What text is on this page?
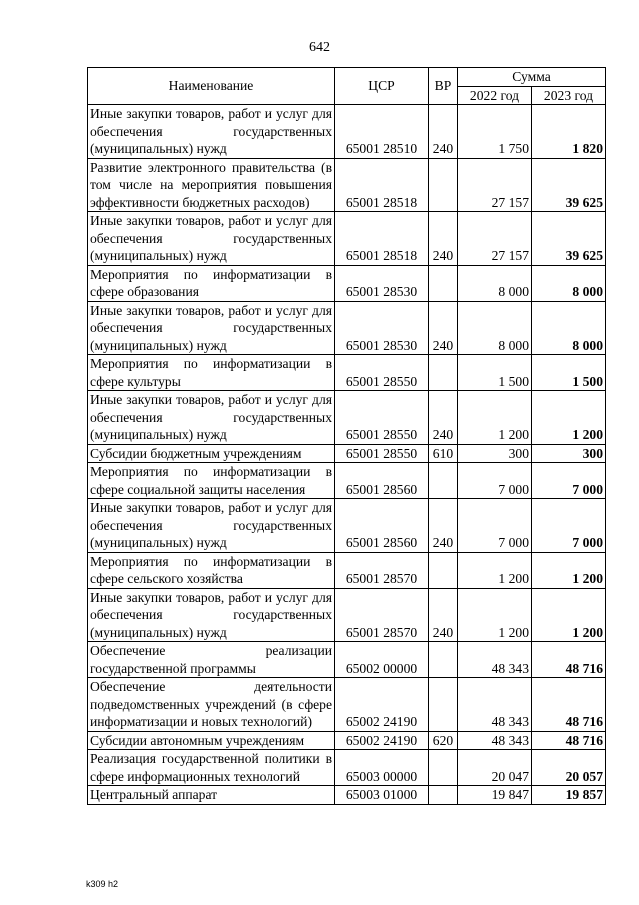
642
Наименование	ЦСР	ВР	Сумма	
			2022 год	2023 год
Иные закупки товаров, работ и услуг для обеспечения государственных (муниципальных) нужд	65001 28510	240	1 750	1 820
Развитие электронного правительства (в том числе на мероприятия повышения эффективности бюджетных расходов)	65001 28518		27 157	39 625
Иные закупки товаров, работ и услуг для обеспечения государственных (муниципальных) нужд	65001 28518	240	27 157	39 625
Мероприятия по информатизации в сфере образования	65001 28530		8 000	8 000
Иные закупки товаров, работ и услуг для обеспечения государственных (муниципальных) нужд	65001 28530	240	8 000	8 000
Мероприятия по информатизации в сфере культуры	65001 28550		1 500	1 500
Иные закупки товаров, работ и услуг для обеспечения государственных (муниципальных) нужд	65001 28550	240	1 200	1 200
Субсидии бюджетным учреждениям	65001 28550	610	300	300
Мероприятия по информатизации в сфере социальной защиты населения	65001 28560		7 000	7 000
Иные закупки товаров, работ и услуг для обеспечения государственных (муниципальных) нужд	65001 28560	240	7 000	7 000
Мероприятия по информатизации в сфере сельского хозяйства	65001 28570		1 200	1 200
Иные закупки товаров, работ и услуг для обеспечения государственных (муниципальных) нужд	65001 28570	240	1 200	1 200
Обеспечение реализации государственной программы	65002 00000		48 343	48 716
Обеспечение деятельности подведомственных учреждений (в сфере информатизации и новых технологий)	65002 24190		48 343	48 716
Субсидии автономным учреждениям	65002 24190	620	48 343	48 716
Реализация государственной политики в сфере информационных технологий	65003 00000		20 047	20 057
Центральный аппарат	65003 01000		19 847	19 857
k309 h2
